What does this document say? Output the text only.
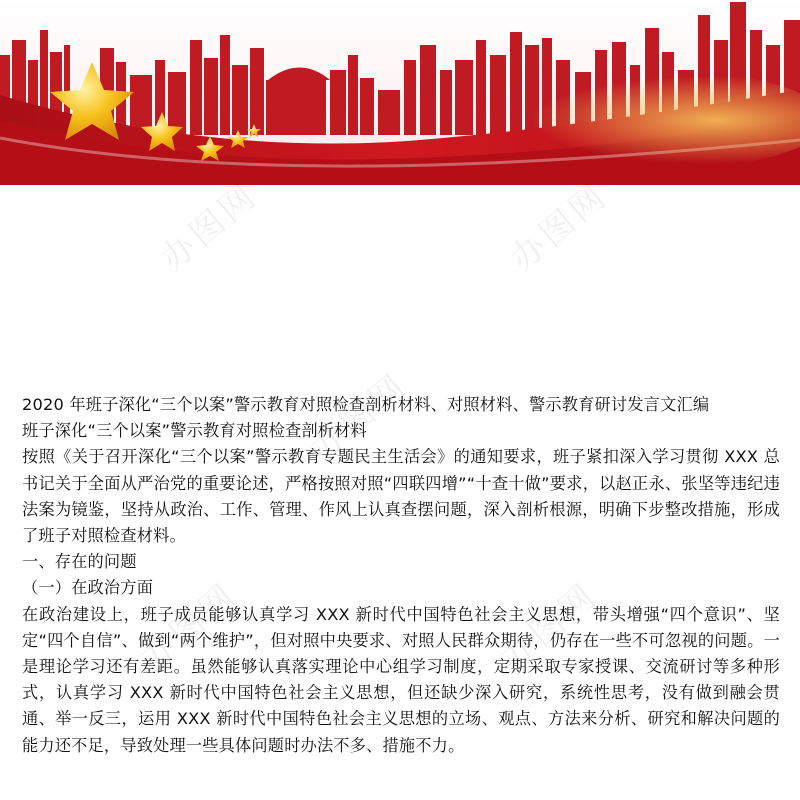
办图网	办图网
办图网
办图网	办图网

2020 年班子深化“三个以案”警示教育对照检查剖析材料、对照材料、警示教育研讨发言文汇编

班子深化“三个以案”警示教育对照检查剖析材料

按照《关于召开深化“三个以案”警示教育专题民主生活会》的通知要求，班子紧扣深入学习贯彻 XXX 总书记关于全面从严治党的重要论述，严格按照对照“四联四增”“十查十做”要求，以赵正永、张坚等违纪违法案为镜鉴，坚持从政治、工作、管理、作风上认真查摆问题，深入剖析根源，明确下步整改措施，形成了班子对照检查材料。

一、存在的问题

（一）在政治方面

在政治建设上，班子成员能够认真学习 XXX 新时代中国特色社会主义思想，带头增强“四个意识”、坚定“四个自信”、做到“两个维护”，但对照中央要求、对照人民群众期待，仍存在一些不可忽视的问题。一是理论学习还有差距。虽然能够认真落实理论中心组学习制度，定期采取专家授课、交流研讨等多种形式，认真学习 XXX 新时代中国特色社会主义思想，但还缺少深入研究，系统性思考，没有做到融会贯通、举一反三，运用 XXX 新时代中国特色社会主义思想的立场、观点、方法来分析、研究和解决问题的能力还不足，导致处理一些具体问题时办法不多、措施不力。
